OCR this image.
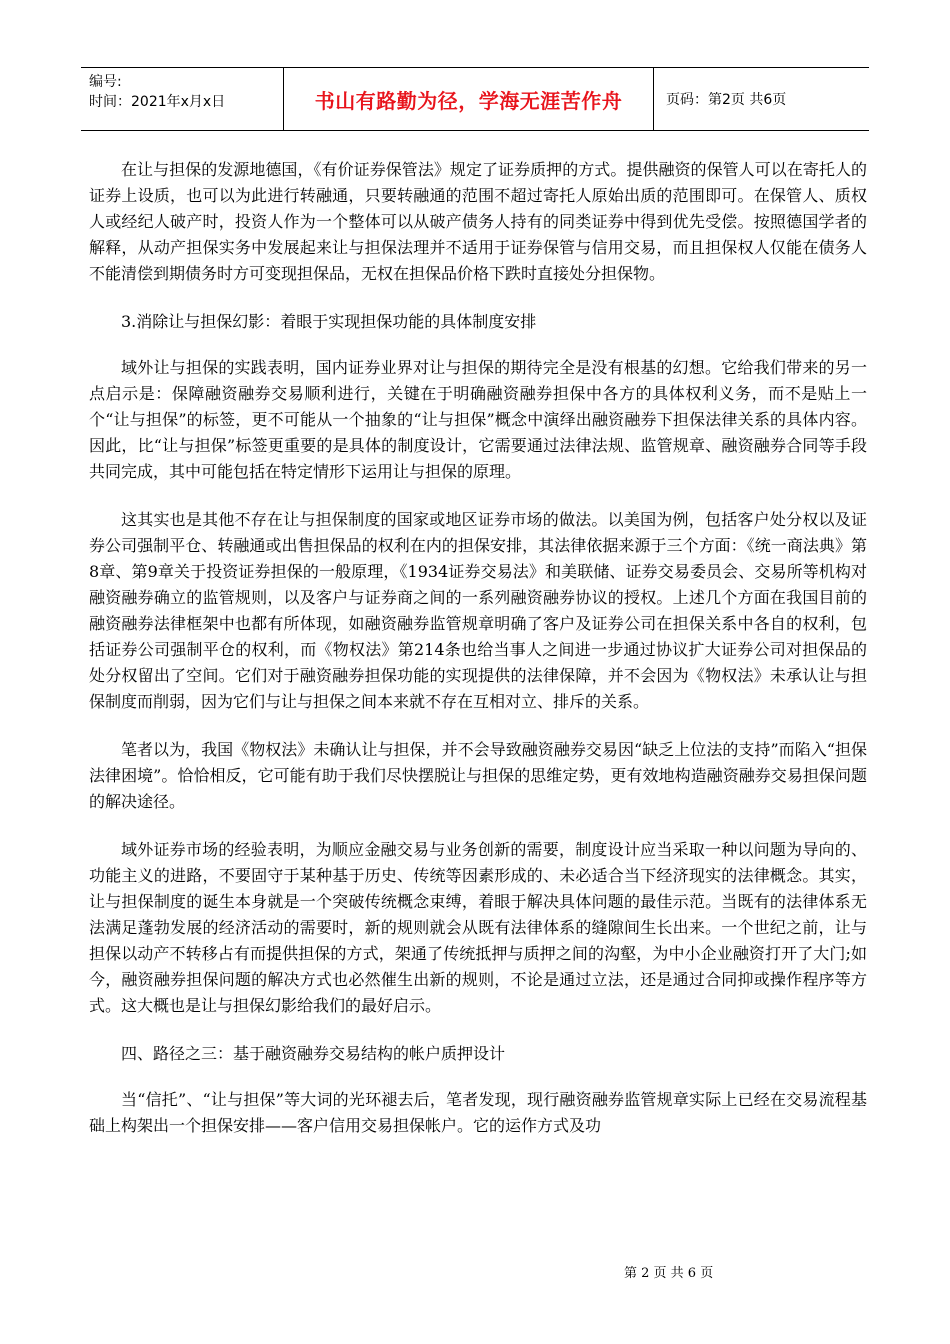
编号:
时间：2021年x月x日	书山有路勤为径，学海无涯苦作舟	页码：第2页 共6页

在让与担保的发源地德国，《有价证券保管法》规定了证券质押的方式。提供融资的保管人可以在寄托人的证券上设质，也可以为此进行转融通，只要转融通的范围不超过寄托人原始出质的范围即可。在保管人、质权人或经纪人破产时，投资人作为一个整体可以从破产债务人持有的同类证券中得到优先受偿。按照德国学者的解释，从动产担保实务中发展起来让与担保法理并不适用于证券保管与信用交易，而且担保权人仅能在债务人不能清偿到期债务时方可变现担保品，无权在担保品价格下跌时直接处分担保物。

3.消除让与担保幻影：着眼于实现担保功能的具体制度安排

域外让与担保的实践表明，国内证券业界对让与担保的期待完全是没有根基的幻想。它给我们带来的另一点启示是：保障融资融券交易顺利进行，关键在于明确融资融券担保中各方的具体权利义务，而不是贴上一个“让与担保”的标签，更不可能从一个抽象的“让与担保”概念中演绎出融资融券下担保法律关系的具体内容。因此，比“让与担保”标签更重要的是具体的制度设计，它需要通过法律法规、监管规章、融资融券合同等手段共同完成，其中可能包括在特定情形下运用让与担保的原理。

这其实也是其他不存在让与担保制度的国家或地区证券市场的做法。以美国为例，包括客户处分权以及证券公司强制平仓、转融通或出售担保品的权利在内的担保安排，其法律依据来源于三个方面：《统一商法典》第8章、第9章关于投资证券担保的一般原理，《1934证券交易法》和美联储、证券交易委员会、交易所等机构对融资融券确立的监管规则，以及客户与证券商之间的一系列融资融券协议的授权。上述几个方面在我国目前的融资融券法律框架中也都有所体现，如融资融券监管规章明确了客户及证券公司在担保关系中各自的权利，包括证券公司强制平仓的权利，而《物权法》第214条也给当事人之间进一步通过协议扩大证券公司对担保品的处分权留出了空间。它们对于融资融券担保功能的实现提供的法律保障，并不会因为《物权法》未承认让与担保制度而削弱，因为它们与让与担保之间本来就不存在互相对立、排斥的关系。

笔者以为，我国《物权法》未确认让与担保，并不会导致融资融券交易因“缺乏上位法的支持”而陷入“担保法律困境”。恰恰相反，它可能有助于我们尽快摆脱让与担保的思维定势，更有效地构造融资融券交易担保问题的解决途径。

域外证券市场的经验表明，为顺应金融交易与业务创新的需要，制度设计应当采取一种以问题为导向的、功能主义的进路，不要固守于某种基于历史、传统等因素形成的、未必适合当下经济现实的法律概念。其实，让与担保制度的诞生本身就是一个突破传统概念束缚，着眼于解决具体问题的最佳示范。当既有的法律体系无法满足蓬勃发展的经济活动的需要时，新的规则就会从既有法律体系的缝隙间生长出来。一个世纪之前，让与担保以动产不转移占有而提供担保的方式，架通了传统抵押与质押之间的沟壑，为中小企业融资打开了大门;如今，融资融券担保问题的解决方式也必然催生出新的规则，不论是通过立法，还是通过合同抑或操作程序等方式。这大概也是让与担保幻影给我们的最好启示。

四、路径之三：基于融资融券交易结构的帐户质押设计

当“信托”、“让与担保”等大词的光环褪去后，笔者发现，现行融资融券监管规章实际上已经在交易流程基础上构架出一个担保安排——客户信用交易担保帐户。它的运作方式及功

第 2 页 共 6 页
